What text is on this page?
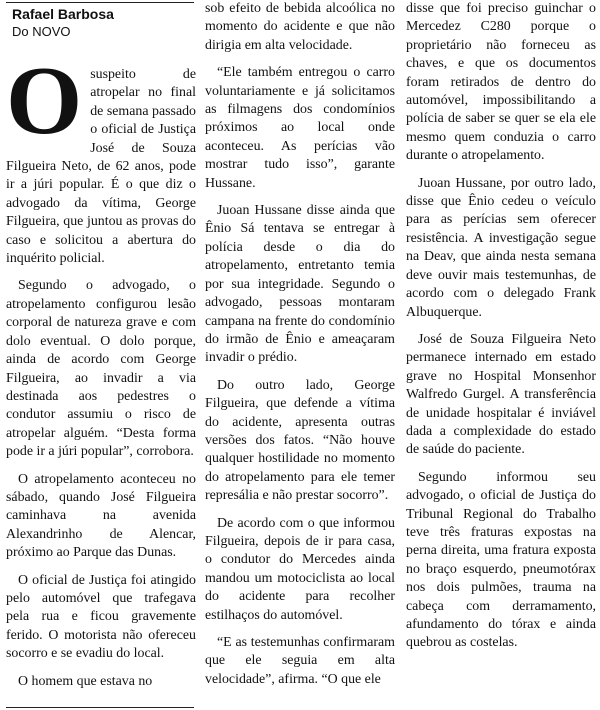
Rafael Barbosa
Do NOVO

Osuspeito de atropelar no final de semana passado o oficial de Justiça José de Souza Filgueira Neto, de 62 anos, pode ir a júri popular. É o que diz o advogado da vítima, George Filgueira, que juntou as provas do caso e solicitou a abertura do inquérito policial.

Segundo o advogado, o atropelamento configurou lesão corporal de natureza grave e com dolo eventual. O dolo porque, ainda de acordo com George Filgueira, ao invadir a via destinada aos pedestres o condutor assumiu o risco de atropelar alguém. “Desta forma pode ir a júri popular”, corrobora.

O atropelamento aconteceu no sábado, quando José Filgueira caminhava na avenida Alexandrinho de Alencar, próximo ao Parque das Dunas.

O oficial de Justiça foi atingido pelo automóvel que trafegava pela rua e ficou gravemente ferido. O motorista não ofereceu socorro e se evadiu do local.

O homem que estava no

sob efeito de bebida alcoólica no momento do acidente e que não dirigia em alta velocidade.

“Ele também entregou o carro voluntariamente e já solicitamos as filmagens dos condomínios próximos ao local onde aconteceu. As perícias vão mostrar tudo isso”, garante Hussane.

Juoan Hussane disse ainda que Ênio Sá tentava se entregar à polícia desde o dia do atropelamento, entretanto temia por sua integridade. Segundo o advogado, pessoas montaram campana na frente do condomínio do irmão de Ênio e ameaçaram invadir o prédio.

Do outro lado, George Filgueira, que defende a vítima do acidente, apresenta outras versões dos fatos. “Não houve qualquer hostilidade no momento do atropelamento para ele temer represália e não prestar socorro”.

De acordo com o que informou Filgueira, depois de ir para casa, o condutor do Mercedes ainda mandou um motociclista ao local do acidente para recolher estilhaços do automóvel.

“E as testemunhas confirmaram que ele seguia em alta velocidade”, afirma. “O que ele

disse que foi preciso guinchar o Mercedez C280 porque o proprietário não forneceu as chaves, e que os documentos foram retirados de dentro do automóvel, impossibilitando a polícia de saber se quer se ela ele mesmo quem conduzia o carro durante o atropelamento.

Juoan Hussane, por outro lado, disse que Ênio cedeu o veículo para as perícias sem oferecer resistência. A investigação segue na Deav, que ainda nesta semana deve ouvir mais testemunhas, de acordo com o delegado Frank Albuquerque.

José de Souza Filgueira Neto permanece internado em estado grave no Hospital Monsenhor Walfredo Gurgel. A transferência de unidade hospitalar é inviável dada a complexidade do estado de saúde do paciente.

Segundo informou seu advogado, o oficial de Justiça do Tribunal Regional do Trabalho teve três fraturas expostas na perna direita, uma fratura exposta no braço esquerdo, pneumotórax nos dois pulmões, trauma na cabeça com derramamento, afundamento do tórax e ainda quebrou as costelas.
